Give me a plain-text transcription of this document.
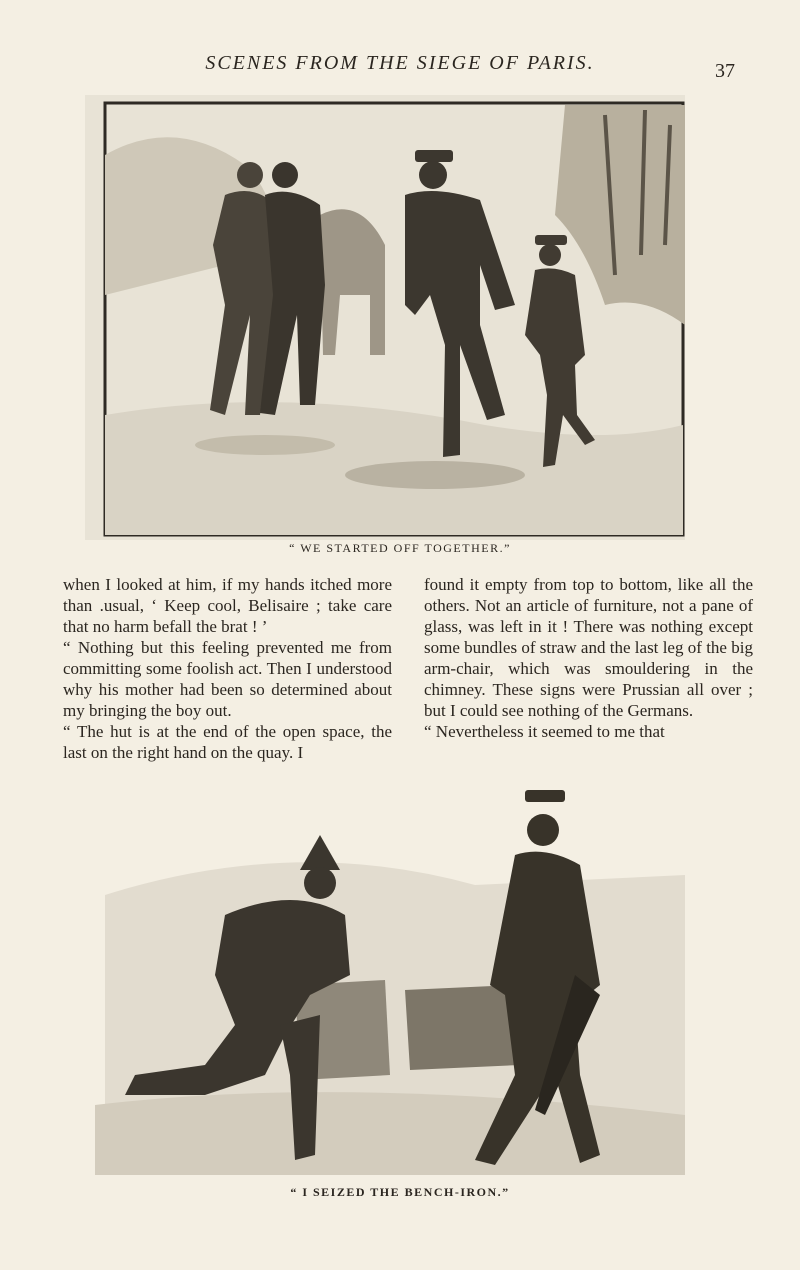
SCENES FROM THE SIEGE OF PARIS.	37
“ WE STARTED OFF TOGETHER.”

when I looked at him, if my hands itched more than .usual, ‘ Keep cool, Belisaire ; take care that no harm befall the brat ! ’

“ Nothing but this feeling prevented me from committing some foolish act. Then I understood why his mother had been so determined about my bringing the boy out.

“ The hut is at the end of the open space, the last on the right hand on the quay. I

found it empty from top to bottom, like all the others. Not an article of furniture, not a pane of glass, was left in it ! There was nothing except some bundles of straw and the last leg of the big arm-chair, which was smouldering in the chimney. These signs were Prussian all over ; but I could see nothing of the Germans.

“ Nevertheless it seemed to me that

“ I SEIZED THE BENCH-IRON.”
